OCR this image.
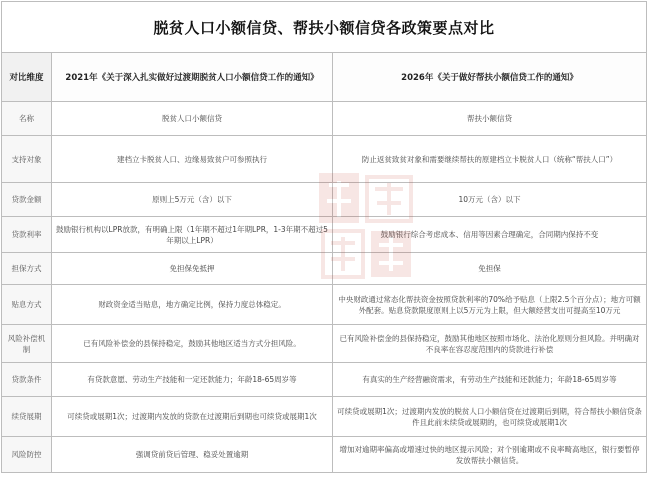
脱贫人口小额信贷、帮扶小额信贷各政策要点对比		
对比维度	2021年《关于深入扎实做好过渡期脱贫人口小额信贷工作的通知》	2026年《关于做好帮扶小额信贷工作的通知》
名称	脱贫人口小额信贷	帮扶小额信贷
支持对象	建档立卡脱贫人口、边缘易致贫户可参照执行	防止返贫致贫对象和需要继续帮扶的原建档立卡脱贫人口（统称“帮扶人口”）
贷款金额	原则上5万元（含）以下	10万元（含）以下
贷款利率	鼓励银行机构以LPR放款，有明确上限（1年期不超过1年期LPR，1-3年期不超过5年期以上LPR）	鼓励银行综合考虑成本、信用等因素合理确定，合同期内保持不变
担保方式	免担保免抵押	免担保
贴息方式	财政资金适当贴息，地方确定比例，保持力度总体稳定。	中央财政通过常态化帮扶资金按照贷款利率的70%给予贴息（上限2.5个百分点）；地方可额外配套。贴息贷款限度原则上以5万元为上限，但大额经营支出可提高至10万元
风险补偿机制	已有风险补偿金的县保持稳定，鼓励其他地区适当方式分担风险。	已有风险补偿金的县保持稳定，鼓励其他地区按照市场化、法治化原则分担风险。并明确对不良率在容忍度范围内的贷款进行补偿
贷款条件	有贷款意愿、劳动生产技能和一定还款能力；年龄18-65周岁等	有真实的生产经营融资需求，有劳动生产技能和还款能力；年龄18-65周岁等
续贷展期	可续贷或展期1次；过渡期内发放的贷款在过渡期后到期也可续贷或展期1次	可续贷或展期1次；过渡期内发放的脱贫人口小额信贷在过渡期后到期，符合帮扶小额信贷条件且此前未续贷或展期的，也可续贷或展期1次
风险防控	强调贷前贷后管理、稳妥处置逾期	增加对逾期率偏高或增速过快的地区提示风险；对个别逾期或不良率畸高地区，银行要暂停发放帮扶小额信贷。
